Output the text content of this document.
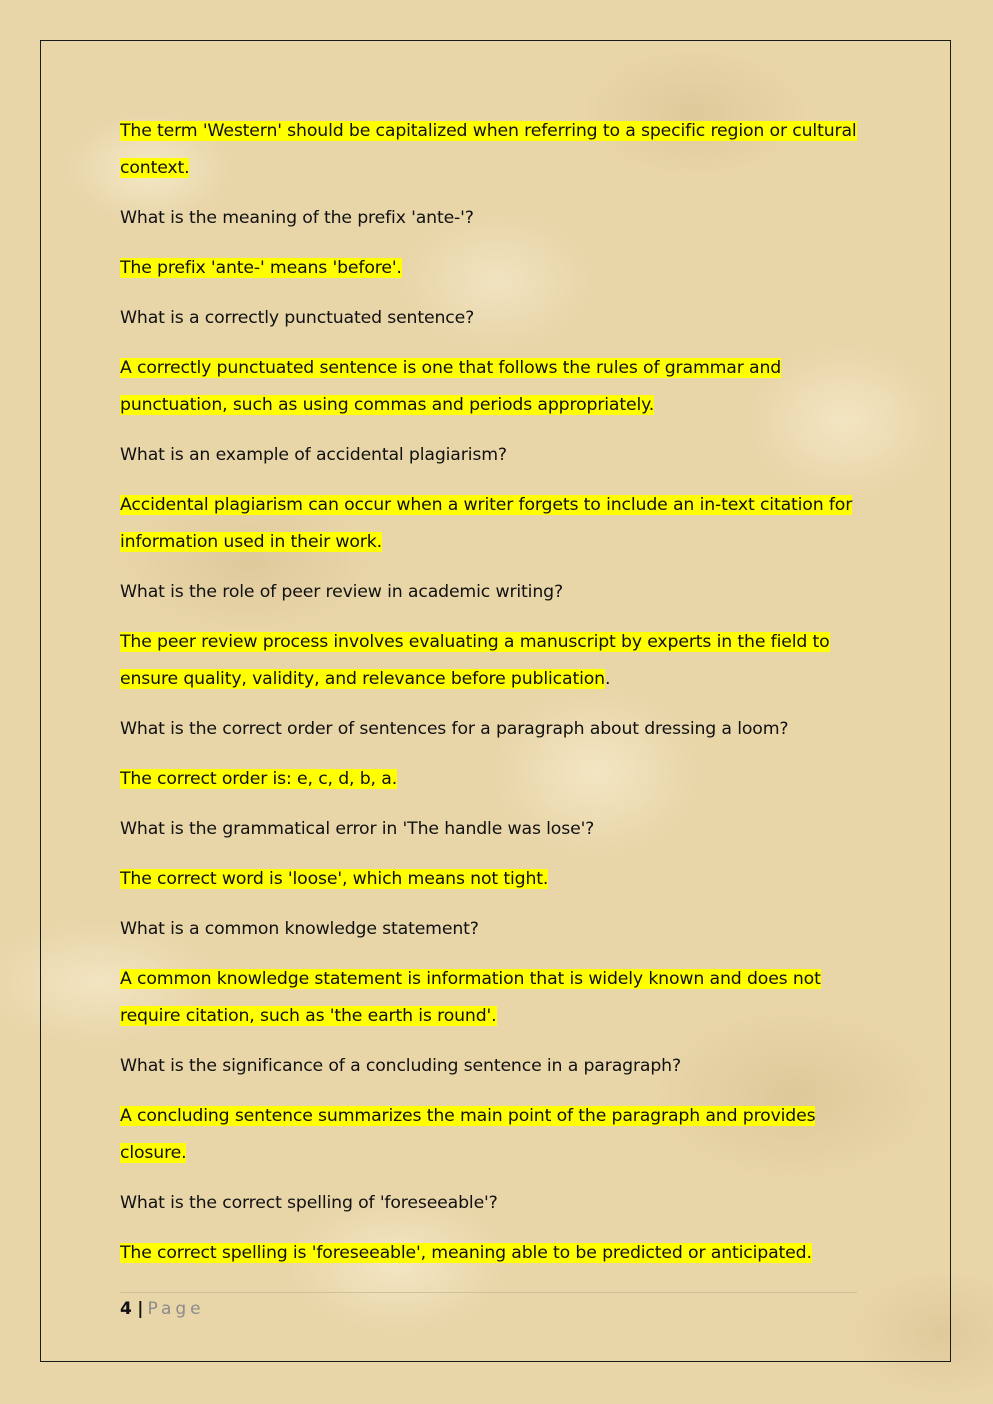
The term 'Western' should be capitalized when referring to a specific region or cultural context.

What is the meaning of the prefix 'ante-'?

The prefix 'ante-' means 'before'.

What is a correctly punctuated sentence?

A correctly punctuated sentence is one that follows the rules of grammar and punctuation, such as using commas and periods appropriately.

What is an example of accidental plagiarism?

Accidental plagiarism can occur when a writer forgets to include an in-text citation for information used in their work.

What is the role of peer review in academic writing?

The peer review process involves evaluating a manuscript by experts in the field to ensure quality, validity, and relevance before publication.

What is the correct order of sentences for a paragraph about dressing a loom?

The correct order is: e, c, d, b, a.

What is the grammatical error in 'The handle was lose'?

The correct word is 'loose', which means not tight.

What is a common knowledge statement?

A common knowledge statement is information that is widely known and does not require citation, such as 'the earth is round'.

What is the significance of a concluding sentence in a paragraph?

A concluding sentence summarizes the main point of the paragraph and provides closure.

What is the correct spelling of 'foreseeable'?

The correct spelling is 'foreseeable', meaning able to be predicted or anticipated.

4 | Page
